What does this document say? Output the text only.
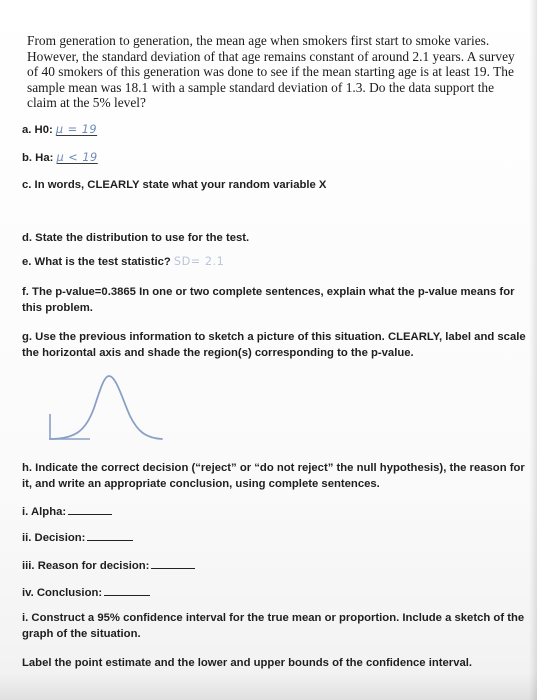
From generation to generation, the mean age when smokers first start to smoke varies. However, the standard deviation of that age remains constant of around 2.1 years. A survey of 40 smokers of this generation was done to see if the mean starting age is at least 19. The sample mean was 18.1 with a sample standard deviation of 1.3. Do the data support the claim at the 5% level?

a. H0: μ = 19
b. Ha: μ < 19
c. In words, CLEARLY state what your random variable X
d. State the distribution to use for the test.
e. What is the test statistic? SD= 2.1
f. The p-value=0.3865 In one or two complete sentences, explain what the p-value means for this problem.
g. Use the previous information to sketch a picture of this situation. CLEARLY, label and scale the horizontal axis and shade the region(s) corresponding to the p-value.
h. Indicate the correct decision (“reject” or “do not reject” the null hypothesis), the reason for it, and write an appropriate conclusion, using complete sentences.
i. Alpha:
ii. Decision:
iii. Reason for decision:
iv. Conclusion:
i. Construct a 95% confidence interval for the true mean or proportion. Include a sketch of the graph of the situation.
Label the point estimate and the lower and upper bounds of the confidence interval.
